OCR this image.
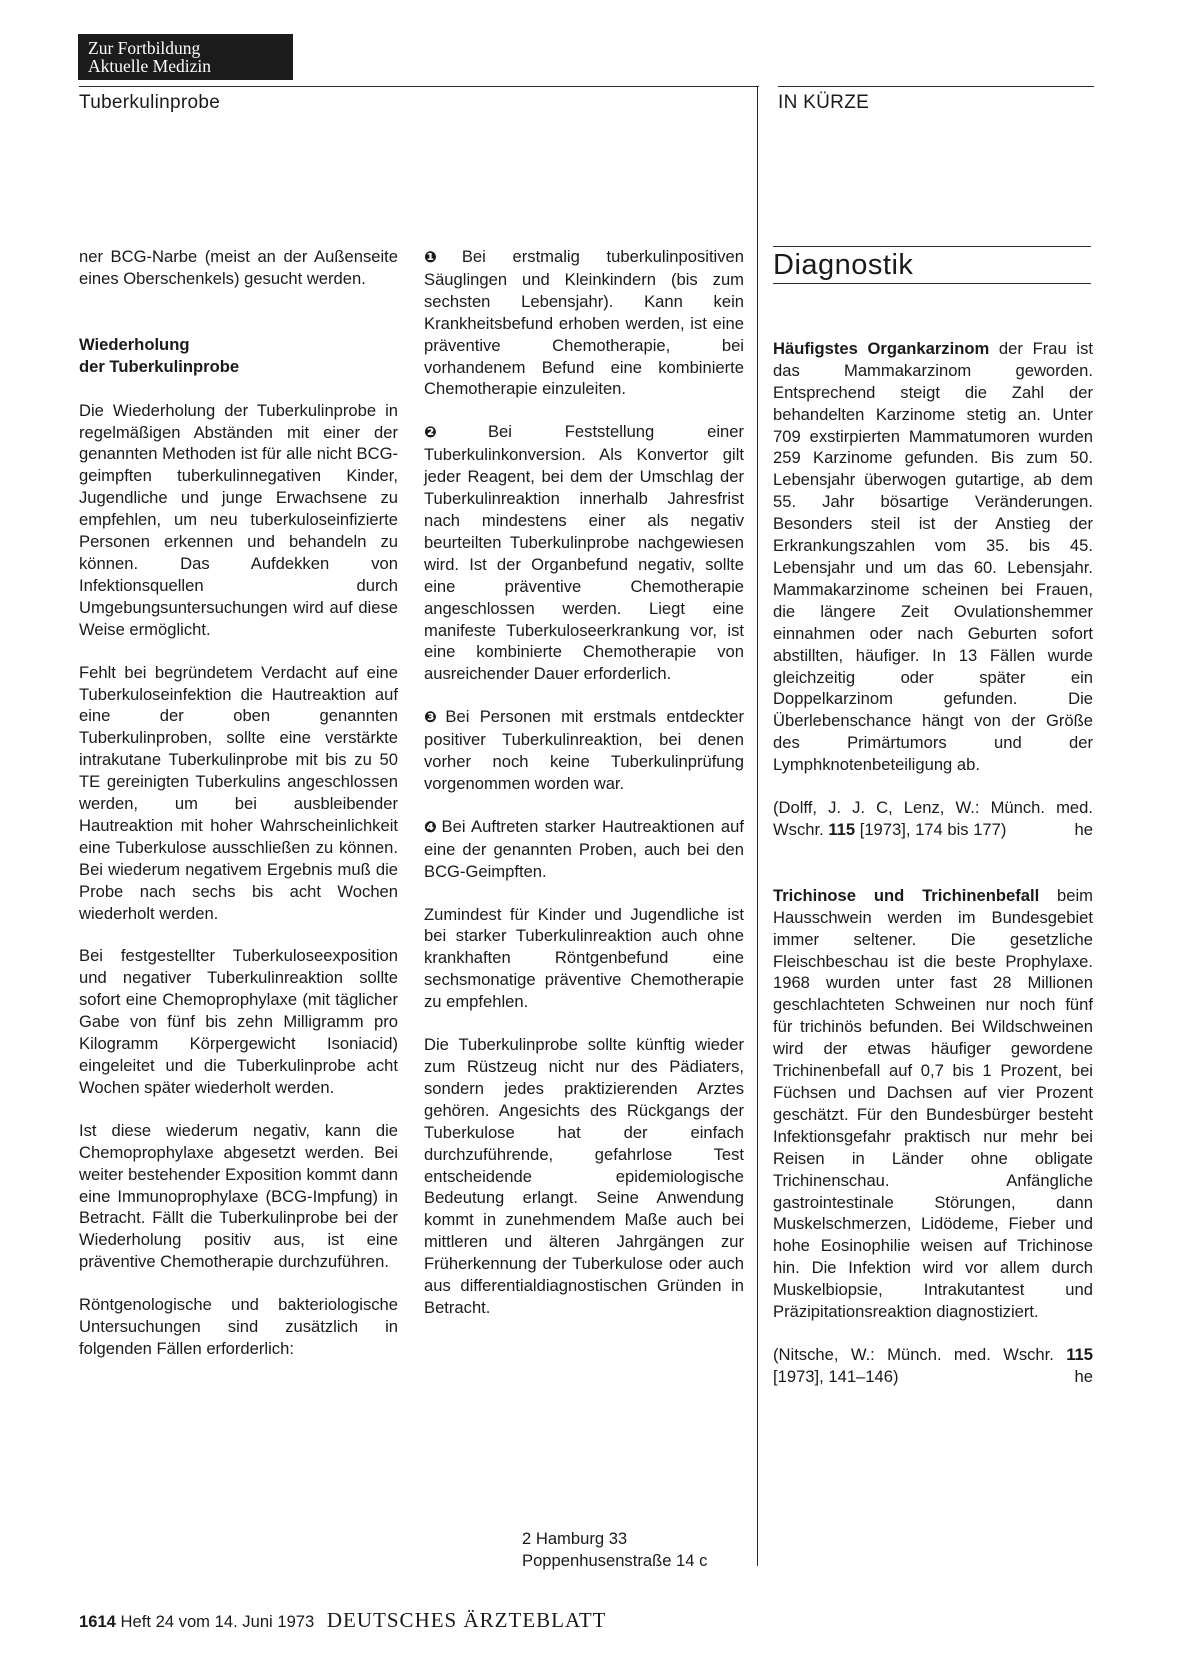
Zur Fortbildung
Aktuelle Medizin
Tuberkulinprobe	IN KÜRZE

ner BCG-Narbe (meist an der Außenseite eines Oberschenkels) gesucht werden.

Wiederholung
der Tuberkulinprobe

Die Wiederholung der Tuberkulinprobe in regelmäßigen Abständen mit einer der genannten Methoden ist für alle nicht BCG-geimpften tuberkulinnegativen Kinder, Jugendliche und junge Erwachsene zu empfehlen, um neu tuberkuloseinfizierte Personen erkennen und behandeln zu können. Das Aufdekken von Infektionsquellen durch Umgebungsuntersuchungen wird auf diese Weise ermöglicht.

Fehlt bei begründetem Verdacht auf eine Tuberkuloseinfektion die Hautreaktion auf eine der oben genannten Tuberkulinproben, sollte eine verstärkte intrakutane Tuberkulinprobe mit bis zu 50 TE gereinigten Tuberkulins angeschlossen werden, um bei ausbleibender Hautreaktion mit hoher Wahrscheinlichkeit eine Tuberkulose ausschließen zu können. Bei wiederum negativem Ergebnis muß die Probe nach sechs bis acht Wochen wiederholt werden.

Bei festgestellter Tuberkuloseexposition und negativer Tuberkulinreaktion sollte sofort eine Chemoprophylaxe (mit täglicher Gabe von fünf bis zehn Milligramm pro Kilogramm Körpergewicht Isoniacid) eingeleitet und die Tuberkulinprobe acht Wochen später wiederholt werden.

Ist diese wiederum negativ, kann die Chemoprophylaxe abgesetzt werden. Bei weiter bestehender Exposition kommt dann eine Immunoprophylaxe (BCG-Impfung) in Betracht. Fällt die Tuberkulinprobe bei der Wiederholung positiv aus, ist eine präventive Chemotherapie durchzuführen.

Röntgenologische und bakteriologische Untersuchungen sind zusätzlich in folgenden Fällen erforderlich:

❶ Bei erstmalig tuberkulinpositiven Säuglingen und Kleinkindern (bis zum sechsten Lebensjahr). Kann kein Krankheitsbefund erhoben werden, ist eine präventive Chemotherapie, bei vorhandenem Befund eine kombinierte Chemotherapie einzuleiten.

❷ Bei Feststellung einer Tuberkulinkonversion. Als Konvertor gilt jeder Reagent, bei dem der Umschlag der Tuberkulinreaktion innerhalb Jahresfrist nach mindestens einer als negativ beurteilten Tuberkulinprobe nachgewiesen wird. Ist der Organbefund negativ, sollte eine präventive Chemotherapie angeschlossen werden. Liegt eine manifeste Tuberkuloseerkrankung vor, ist eine kombinierte Chemotherapie von ausreichender Dauer erforderlich.

❸ Bei Personen mit erstmals entdeckter positiver Tuberkulinreaktion, bei denen vorher noch keine Tuberkulinprüfung vorgenommen worden war.

❹ Bei Auftreten starker Hautreaktionen auf eine der genannten Proben, auch bei den BCG-Geimpften.

Zumindest für Kinder und Jugendliche ist bei starker Tuberkulinreaktion auch ohne krankhaften Röntgenbefund eine sechsmonatige präventive Chemotherapie zu empfehlen.

Die Tuberkulinprobe sollte künftig wieder zum Rüstzeug nicht nur des Pädiaters, sondern jedes praktizierenden Arztes gehören. Angesichts des Rückgangs der Tuberkulose hat der einfach durchzuführende, gefahrlose Test entscheidende epidemiologische Bedeutung erlangt. Seine Anwendung kommt in zunehmendem Maße auch bei mittleren und älteren Jahrgängen zur Früherkennung der Tuberkulose oder auch aus differentialdiagnostischen Gründen in Betracht.

2 Hamburg 33
Poppenhusenstraße 14 c
Diagnostik

Häufigstes Organkarzinom der Frau ist das Mammakarzinom geworden. Entsprechend steigt die Zahl der behandelten Karzinome stetig an. Unter 709 exstirpierten Mammatumoren wurden 259 Karzinome gefunden. Bis zum 50. Lebensjahr überwogen gutartige, ab dem 55. Jahr bösartige Veränderungen. Besonders steil ist der Anstieg der Erkrankungszahlen vom 35. bis 45. Lebensjahr und um das 60. Lebensjahr. Mammakarzinome scheinen bei Frauen, die längere Zeit Ovulationshemmer einnahmen oder nach Geburten sofort abstillten, häufiger. In 13 Fällen wurde gleichzeitig oder später ein Doppelkarzinom gefunden. Die Überlebenschance hängt von der Größe des Primärtumors und der Lymphknotenbeteiligung ab.

(Dolff, J. J. C, Lenz, W.: Münch. med. Wschr. 115 [1973], 174 bis 177)	he

Trichinose und Trichinenbefall beim Hausschwein werden im Bundesgebiet immer seltener. Die gesetzliche Fleischbeschau ist die beste Prophylaxe. 1968 wurden unter fast 28 Millionen geschlachteten Schweinen nur noch fünf für trichinös befunden. Bei Wildschweinen wird der etwas häufiger gewordene Trichinenbefall auf 0,7 bis 1 Prozent, bei Füchsen und Dachsen auf vier Prozent geschätzt. Für den Bundesbürger besteht Infektionsgefahr praktisch nur mehr bei Reisen in Länder ohne obligate Trichinenschau. Anfängliche gastrointestinale Störungen, dann Muskelschmerzen, Lidödeme, Fieber und hohe Eosinophilie weisen auf Trichinose hin. Die Infektion wird vor allem durch Muskelbiopsie, Intrakutantest und Präzipitationsreaktion diagnostiziert.

(Nitsche, W.: Münch. med. Wschr. 115 [1973], 141–146)	he

1614 Heft 24 vom 14. Juni 1973 DEUTSCHES ÄRZTEBLATT
